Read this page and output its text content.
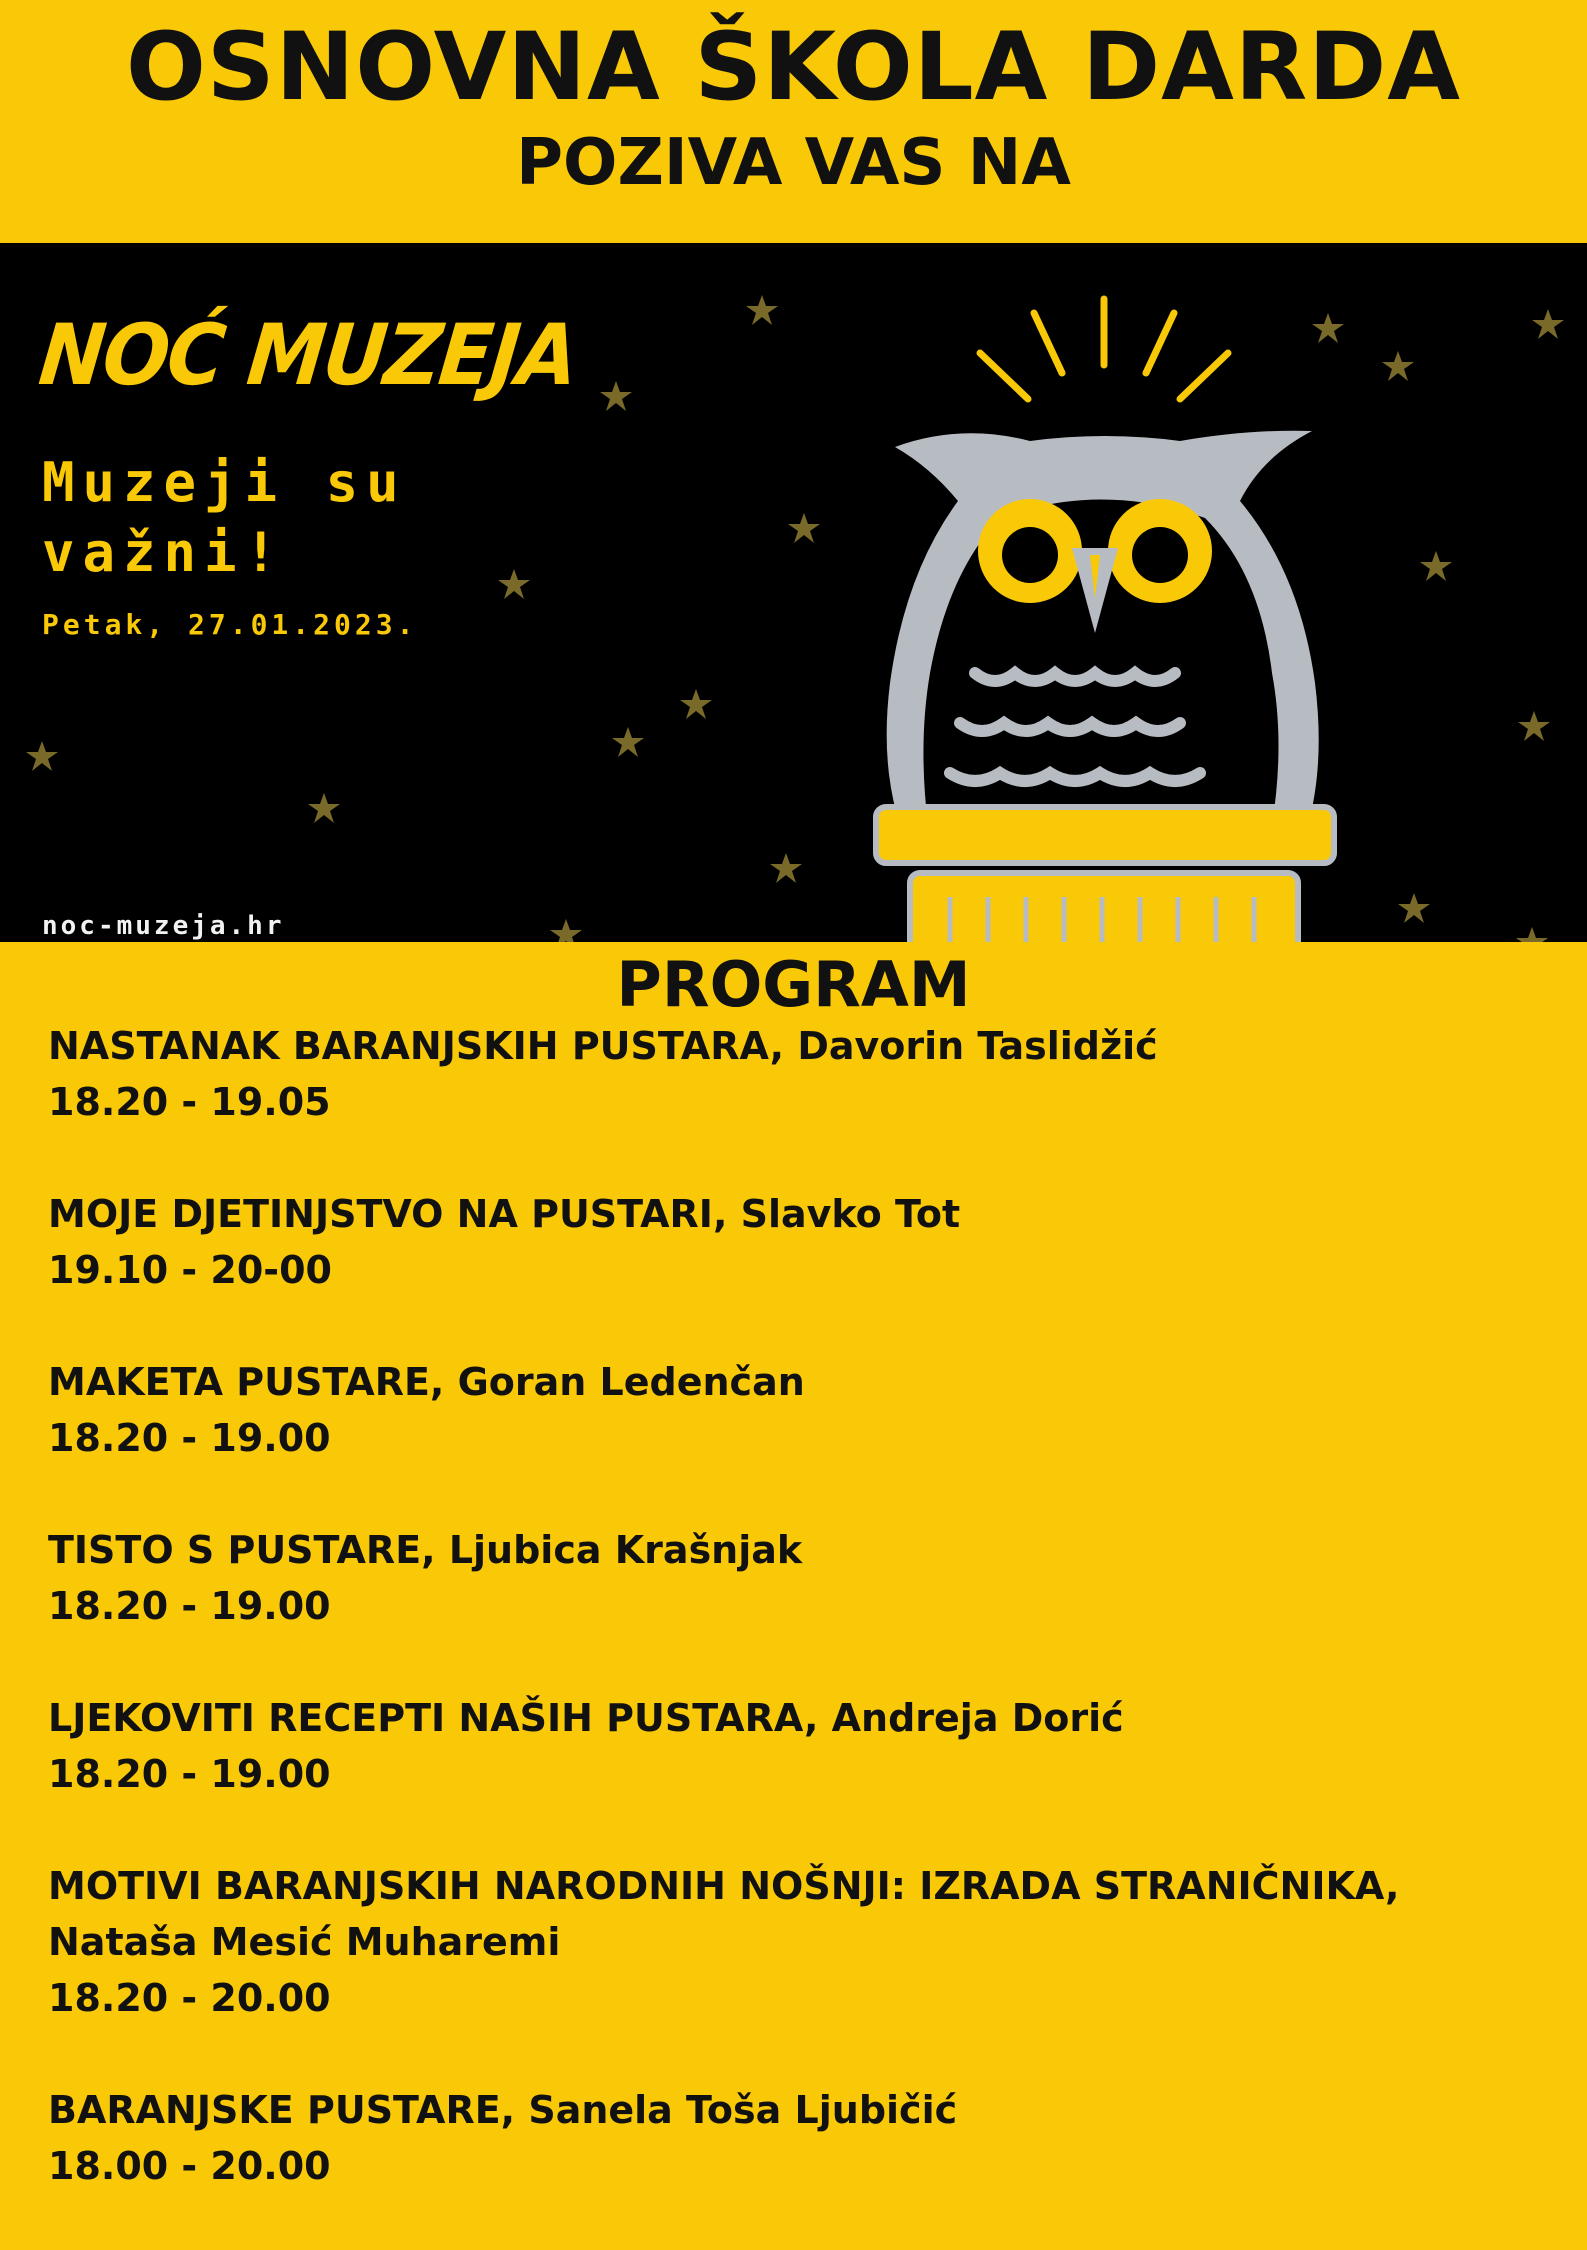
OSNOVNA ŠKOLA DARDA
POZIVA VAS NA
NOĆ MUZEJA
Muzeji su važni!
Petak, 27.01.2023.
noc-muzeja.hr
PROGRAM
NASTANAK BARANJSKIH PUSTARA, Davorin Taslidžić
18.20 - 19.05
MOJE DJETINJSTVO NA PUSTARI, Slavko Tot
19.10 - 20-00
MAKETA PUSTARE, Goran Ledenčan
18.20 - 19.00
TISTO S PUSTARE, Ljubica Krašnjak
18.20 - 19.00
LJEKOVITI RECEPTI NAŠIH PUSTARA, Andreja Dorić
18.20 - 19.00
MOTIVI BARANJSKIH NARODNIH NOŠNJI: IZRADA STRANIČNIKA, Nataša Mesić Muharemi
18.20 - 20.00
BARANJSKE PUSTARE, Sanela Toša Ljubičić
18.00 - 20.00
